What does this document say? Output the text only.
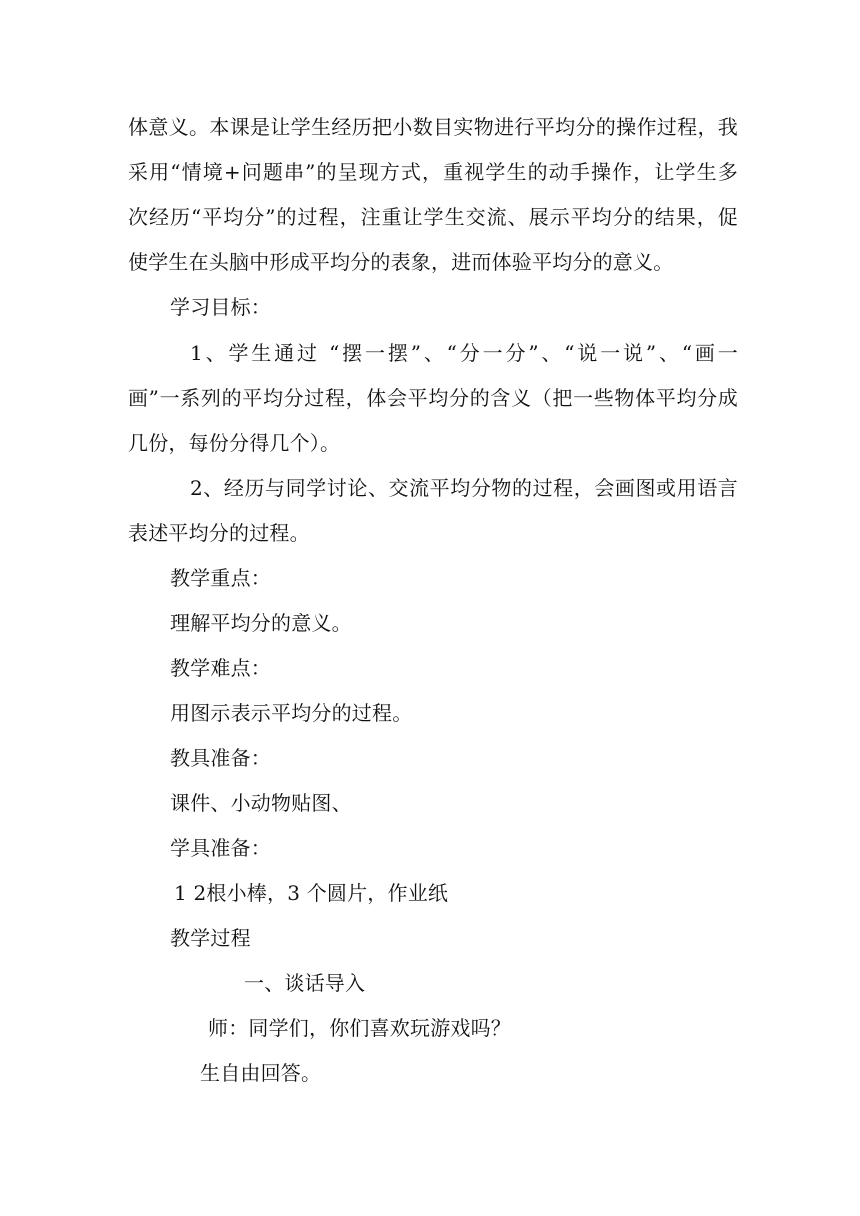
体意义。本课是让学生经历把小数目实物进行平均分的操作过程，我
采用“情境+问题串”的呈现方式，重视学生的动手操作，让学生多
次经历“平均分”的过程，注重让学生交流、展示平均分的结果，促
使学生在头脑中形成平均分的表象，进而体验平均分的意义。
学习目标：
1、学生通过 “摆一摆”、“分一分”、“说一说”、“画一
画”一系列的平均分过程，体会平均分的含义（把一些物体平均分成
几份，每份分得几个）。
2、经历与同学讨论、交流平均分物的过程，会画图或用语言
表述平均分的过程。
教学重点：
理解平均分的意义。
教学难点：
用图示表示平均分的过程。
教具准备：
课件、小动物贴图、
学具准备：
1 2根小棒，3 个圆片，作业纸
教学过程
一、谈话导入
师：同学们，你们喜欢玩游戏吗？
生自由回答。
